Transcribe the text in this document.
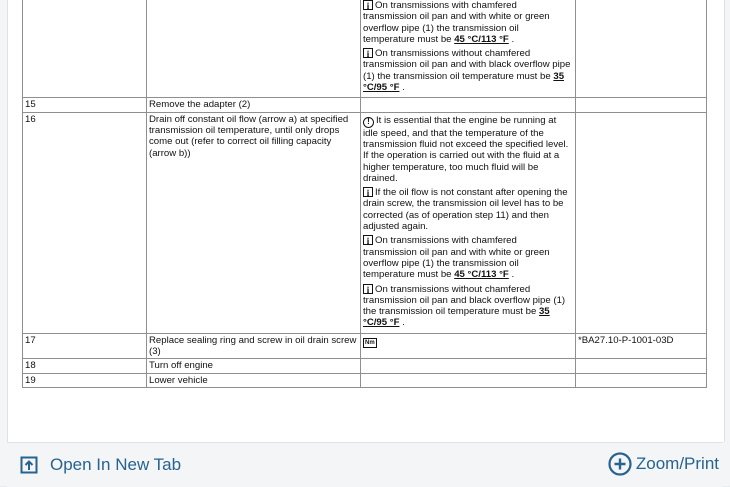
		i On transmissions with chamfered transmission oil pan and with white or green overflow pipe (1) the transmission oil temperature must be 45 °C/113 °F .
i On transmissions without chamfered transmission oil pan and with black overflow pipe (1) the transmission oil temperature must be 35 °C/95 °F .	

15	Remove the adapter (2)		
16	Drain off constant oil flow (arrow a) at specified transmission oil temperature, until only drops come out (refer to correct oil filling capacity (arrow b))	! It is essential that the engine be running at idle speed, and that the temperature of the transmission fluid not exceed the specified level. If the operation is carried out with the fluid at a higher temperature, too much fluid will be drained.
i If the oil flow is not constant after opening the drain screw, the transmission oil level has to be corrected (as of operation step 11) and then adjusted again.
i On transmissions with chamfered transmission oil pan and with white or green overflow pipe (1) the transmission oil temperature must be 45 °C/113 °F .
i On transmissions without chamfered transmission oil pan and black overflow pipe (1) the transmission oil temperature must be 35 °C/95 °F .	

17	Replace sealing ring and screw in oil drain screw (3)	Nm	*BA27.10-P-1001-03D
18	Turn off engine		
19	Lower vehicle		
Open In New Tab	Zoom/Print
